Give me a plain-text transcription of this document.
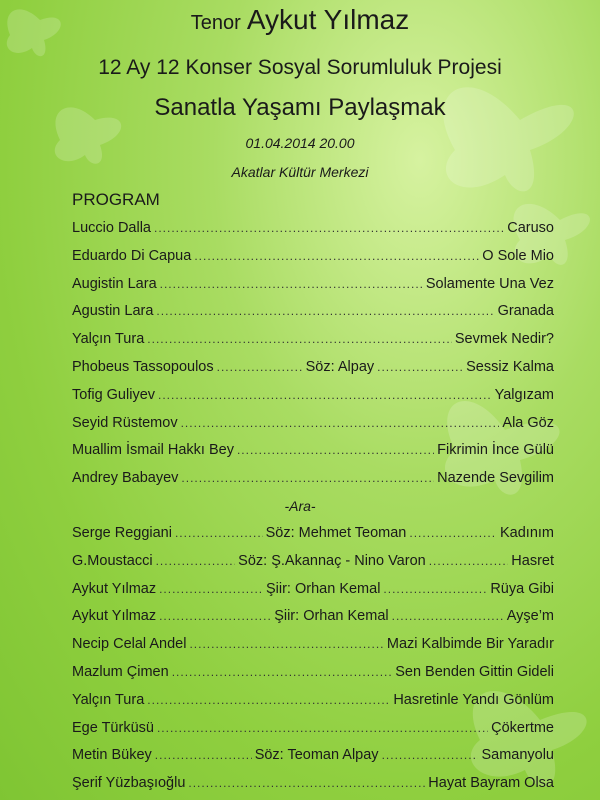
Tenor Aykut Yılmaz
12 Ay 12 Konser Sosyal Sorumluluk Projesi
Sanatla Yaşamı Paylaşmak
01.04.2014 20.00
Akatlar Kültür Merkezi
PROGRAM
Luccio Dalla .....	Caruso
Eduardo Di Capua .....	O Sole Mio
Augistin Lara .....	Solamente Una Vez
Agustin Lara .....	Granada
Yalçın Tura .....	Sevmek Nedir?
Phobeus Tassopoulos .....	Söz: Alpay .....	Sessiz Kalma
Tofig Guliyev .....	Yalgızam
Seyid Rüstemov .....	Ala Göz
Muallim İsmail Hakkı Bey .....	Fikrimin İnce Gülü
Andrey Babayev .....	Nazende Sevgilim
-Ara-
Serge Reggiani .....	Söz: Mehmet Teoman .....	Kadınım
G.Moustacci .....	Söz: Ş.Akannaç - Nino Varon .....	Hasret
Aykut Yılmaz .....	Şiir: Orhan Kemal .....	Rüya Gibi
Aykut Yılmaz .....	Şiir: Orhan Kemal .....	Ayşe’m
Necip Celal Andel .....	Mazi Kalbimde Bir Yaradır
Mazlum Çimen .....	Sen Benden Gittin Gideli
Yalçın Tura .....	Hasretinle Yandı Gönlüm
Ege Türküsü .....	Çökertme
Metin Bükey .....	Söz: Teoman Alpay .....	Samanyolu
Şerif Yüzbaşıoğlu .....	Hayat Bayram Olsa
